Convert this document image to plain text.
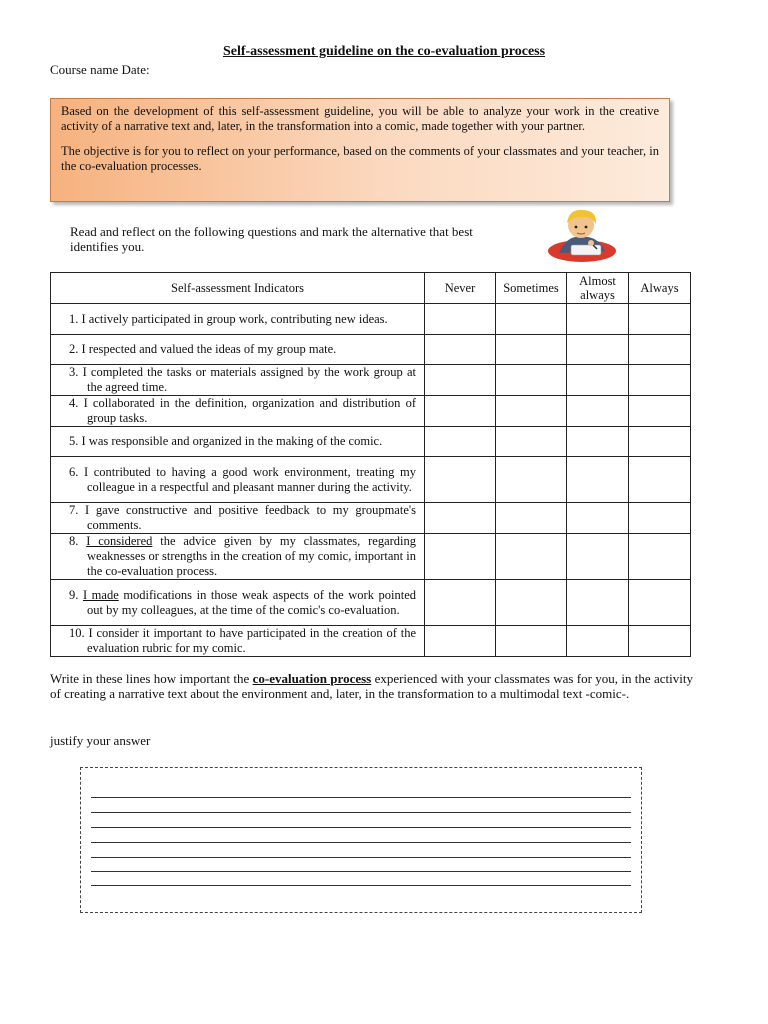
Self-assessment guideline on the co-evaluation process
Course name Date:

Based on the development of this self-assessment guideline, you will be able to analyze your work in the creative activity of a narrative text and, later, in the transformation into a comic, made together with your partner.

The objective is for you to reflect on your performance, based on the comments of your classmates and your teacher, in the co-evaluation processes.

Read and reflect on the following questions and mark the alternative that best identifies you.
Self-assessment Indicators	Never	Sometimes	Almost always	Always

1. I actively participated in group work, contributing new ideas.				

2. I respected and valued the ideas of my group mate.				

3. I completed the tasks or materials assigned by the work group at the agreed time.				

4. I collaborated in the definition, organization and distribution of group tasks.				

5. I was responsible and organized in the making of the comic.				

6. I contributed to having a good work environment, treating my colleague in a respectful and pleasant manner during the activity.				

7. I gave constructive and positive feedback to my groupmate's comments.				

8. I considered the advice given by my classmates, regarding weaknesses or strengths in the creation of my comic, important in the co-evaluation process.				

9. I made modifications in those weak aspects of the work pointed out by my colleagues, at the time of the comic's co-evaluation.				

10. I consider it important to have participated in the creation of the evaluation rubric for my comic.				

Write in these lines how important the co-evaluation process experienced with your classmates was for you, in the activity of creating a narrative text about the environment and, later, in the transformation to a multimodal text -comic-.
justify your answer
